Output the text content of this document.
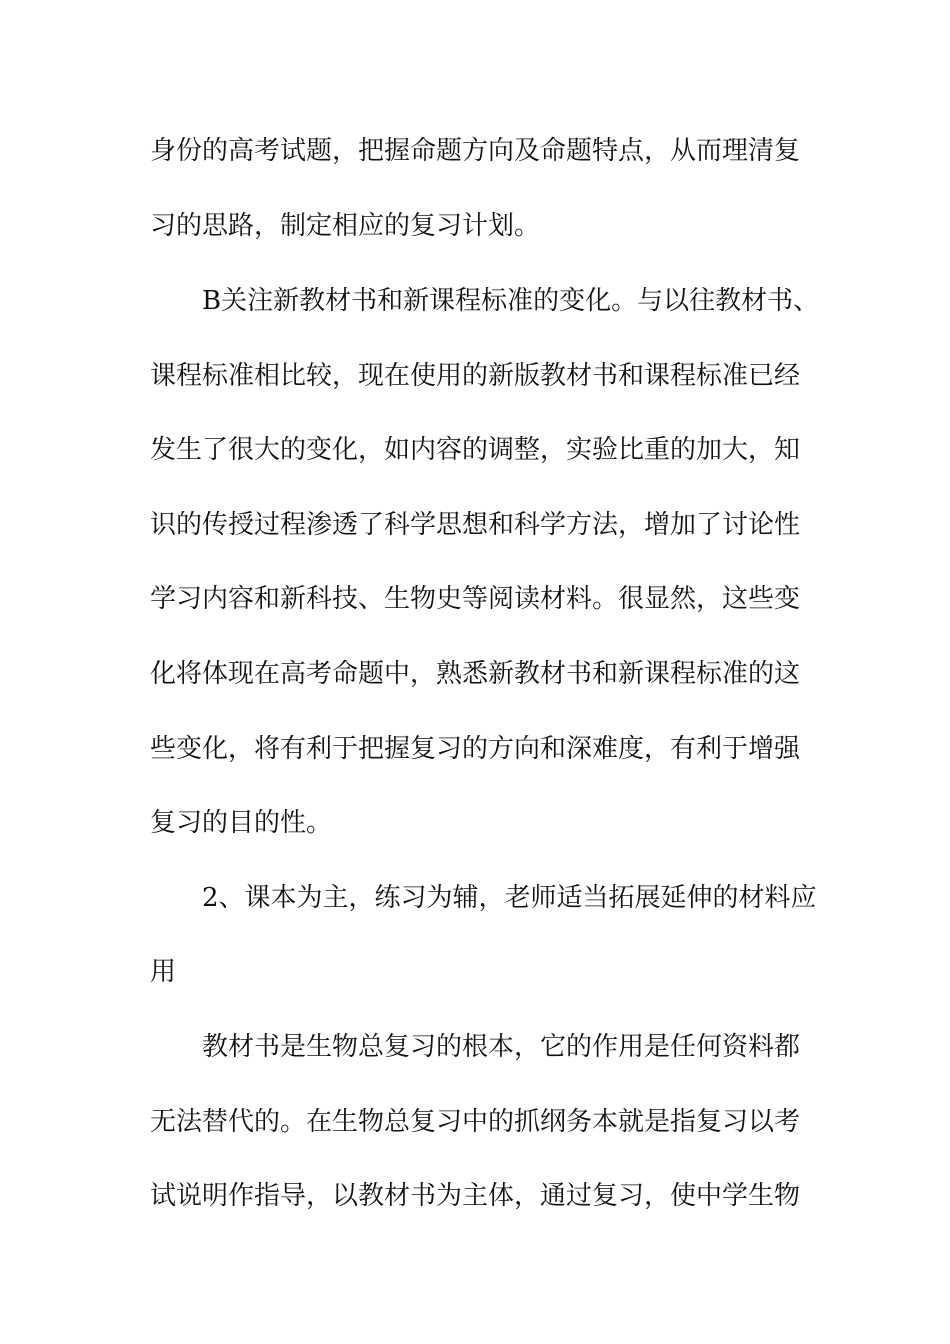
身份的高考试题，把握命题方向及命题特点，从而理清复
习的思路，制定相应的复习计划。
B关注新教材书和新课程标准的变化。与以往教材书、
课程标准相比较，现在使用的新版教材书和课程标准已经
发生了很大的变化，如内容的调整，实验比重的加大，知
识的传授过程渗透了科学思想和科学方法，增加了讨论性
学习内容和新科技、生物史等阅读材料。很显然，这些变
化将体现在高考命题中，熟悉新教材书和新课程标准的这
些变化，将有利于把握复习的方向和深难度，有利于增强
复习的目的性。
2、课本为主，练习为辅，老师适当拓展延伸的材料应
用
教材书是生物总复习的根本，它的作用是任何资料都
无法替代的。在生物总复习中的抓纲务本就是指复习以考
试说明作指导，以教材书为主体，通过复习，使中学生物
